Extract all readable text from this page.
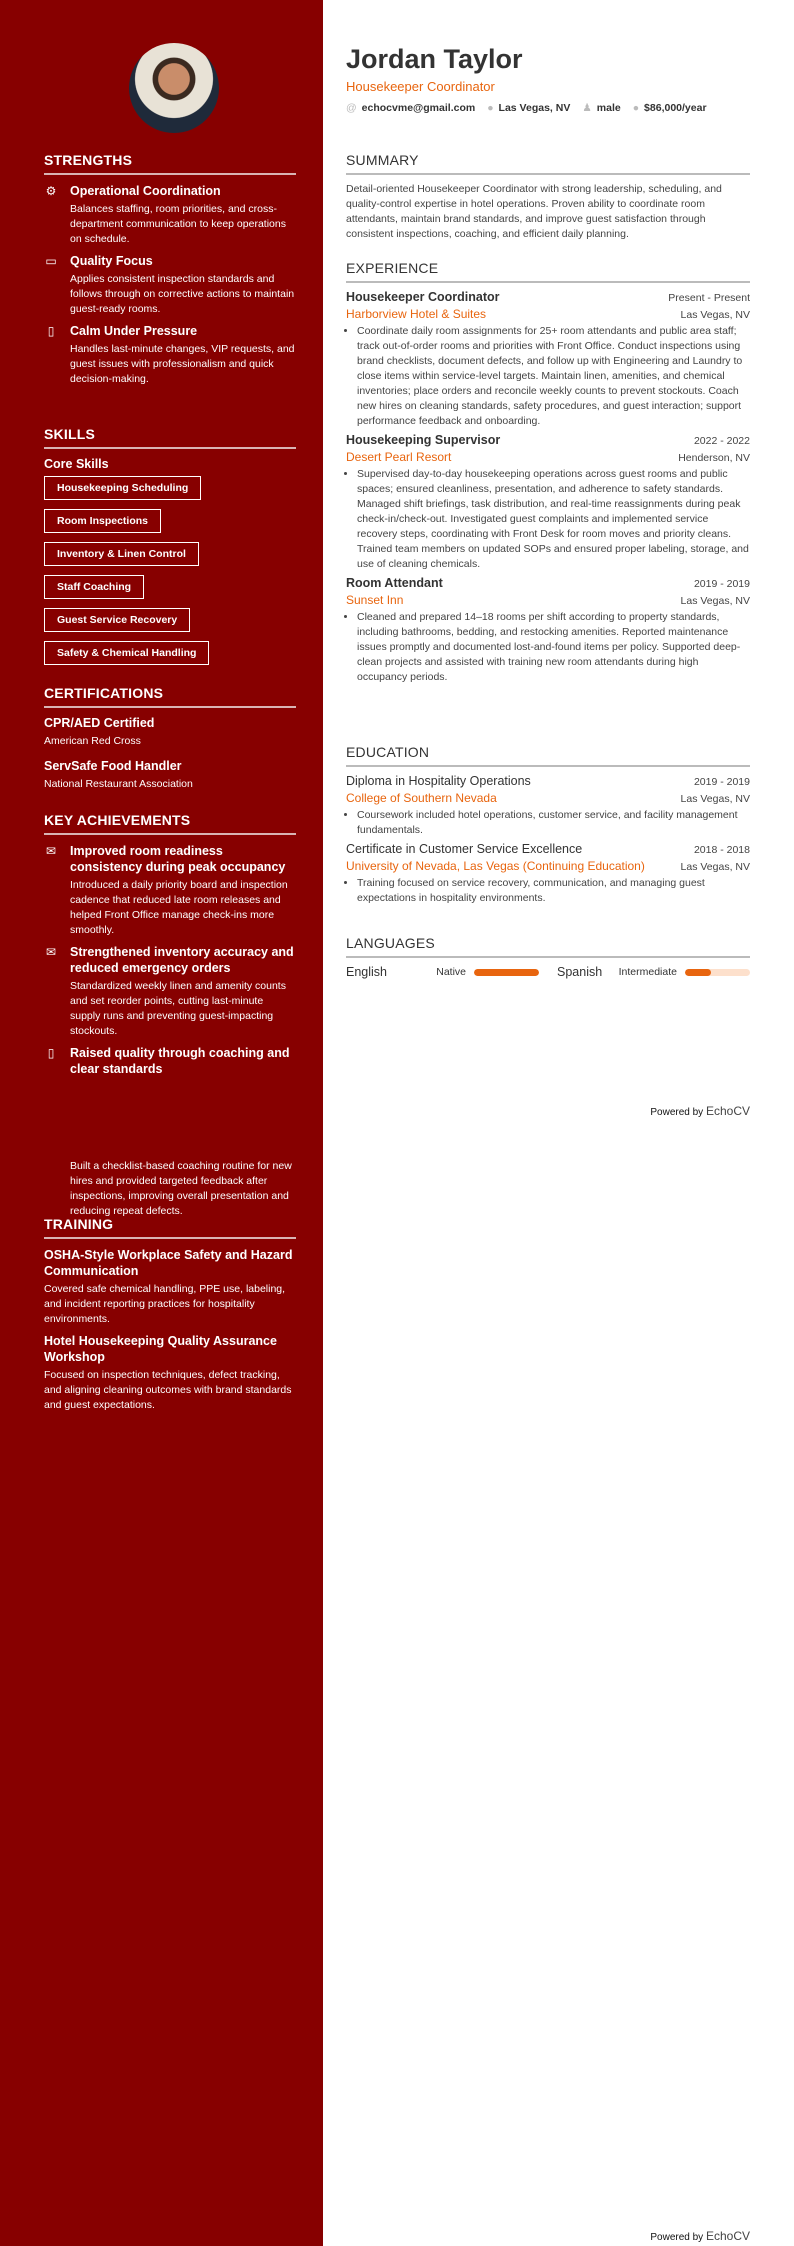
STRENGTHS
⚙ Operational Coordination
Balances staffing, room priorities, and cross-department communication to keep operations on schedule.
▭ Quality Focus
Applies consistent inspection standards and follows through on corrective actions to maintain guest-ready rooms.
▯ Calm Under Pressure
Handles last-minute changes, VIP requests, and guest issues with professionalism and quick decision-making.
SKILLS
Core Skills
Housekeeping Scheduling
Room Inspections
Inventory & Linen Control
Staff Coaching
Guest Service Recovery
Safety & Chemical Handling
CERTIFICATIONS
CPR/AED Certified
American Red Cross
ServSafe Food Handler
National Restaurant Association
KEY ACHIEVEMENTS
✉ Improved room readiness consistency during peak occupancy
Introduced a daily priority board and inspection cadence that reduced late room releases and helped Front Office manage check-ins more smoothly.
✉ Strengthened inventory accuracy and reduced emergency orders
Standardized weekly linen and amenity counts and set reorder points, cutting last-minute supply runs and preventing guest-impacting stockouts.
▯ Raised quality through coaching and clear standards
Built a checklist-based coaching routine for new hires and provided targeted feedback after inspections, improving overall presentation and reducing repeat defects.
TRAINING
OSHA-Style Workplace Safety and Hazard Communication
Covered safe chemical handling, PPE use, labeling, and incident reporting practices for hospitality environments.
Hotel Housekeeping Quality Assurance Workshop
Focused on inspection techniques, defect tracking, and aligning cleaning outcomes with brand standards and guest expectations.
Jordan Taylor
Housekeeper Coordinator
@ echocvme@gmail.com ● Las Vegas, NV ♟ male ● $86,000/year
SUMMARY
Detail-oriented Housekeeper Coordinator with strong leadership, scheduling, and quality-control expertise in hotel operations. Proven ability to coordinate room attendants, maintain brand standards, and improve guest satisfaction through consistent inspections, coaching, and efficient daily planning.
EXPERIENCE
Housekeeper Coordinator	Present - Present
Harborview Hotel & Suites	Las Vegas, NV
• Coordinate daily room assignments for 25+ room attendants and public area staff; track out-of-order rooms and priorities with Front Office. Conduct inspections using brand checklists, document defects, and follow up with Engineering and Laundry to close items within service-level targets. Maintain linen, amenities, and chemical inventories; place orders and reconcile weekly counts to prevent stockouts. Coach new hires on cleaning standards, safety procedures, and guest interaction; support performance feedback and onboarding.
Housekeeping Supervisor	2022 - 2022
Desert Pearl Resort	Henderson, NV
• Supervised day-to-day housekeeping operations across guest rooms and public spaces; ensured cleanliness, presentation, and adherence to safety standards. Managed shift briefings, task distribution, and real-time reassignments during peak check-in/check-out. Investigated guest complaints and implemented service recovery steps, coordinating with Front Desk for room moves and priority cleans. Trained team members on updated SOPs and ensured proper labeling, storage, and use of cleaning chemicals.
Room Attendant	2019 - 2019
Sunset Inn	Las Vegas, NV
• Cleaned and prepared 14–18 rooms per shift according to property standards, including bathrooms, bedding, and restocking amenities. Reported maintenance issues promptly and documented lost-and-found items per policy. Supported deep-clean projects and assisted with training new room attendants during high occupancy periods.
EDUCATION
Diploma in Hospitality Operations	2019 - 2019
College of Southern Nevada	Las Vegas, NV
• Coursework included hotel operations, customer service, and facility management fundamentals.
Certificate in Customer Service Excellence	2018 - 2018
University of Nevada, Las Vegas (Continuing Education)	Las Vegas, NV
• Training focused on service recovery, communication, and managing guest expectations in hospitality environments.
LANGUAGES
English	Native	Spanish Intermediate
Powered by EchoCV
Powered by EchoCV
